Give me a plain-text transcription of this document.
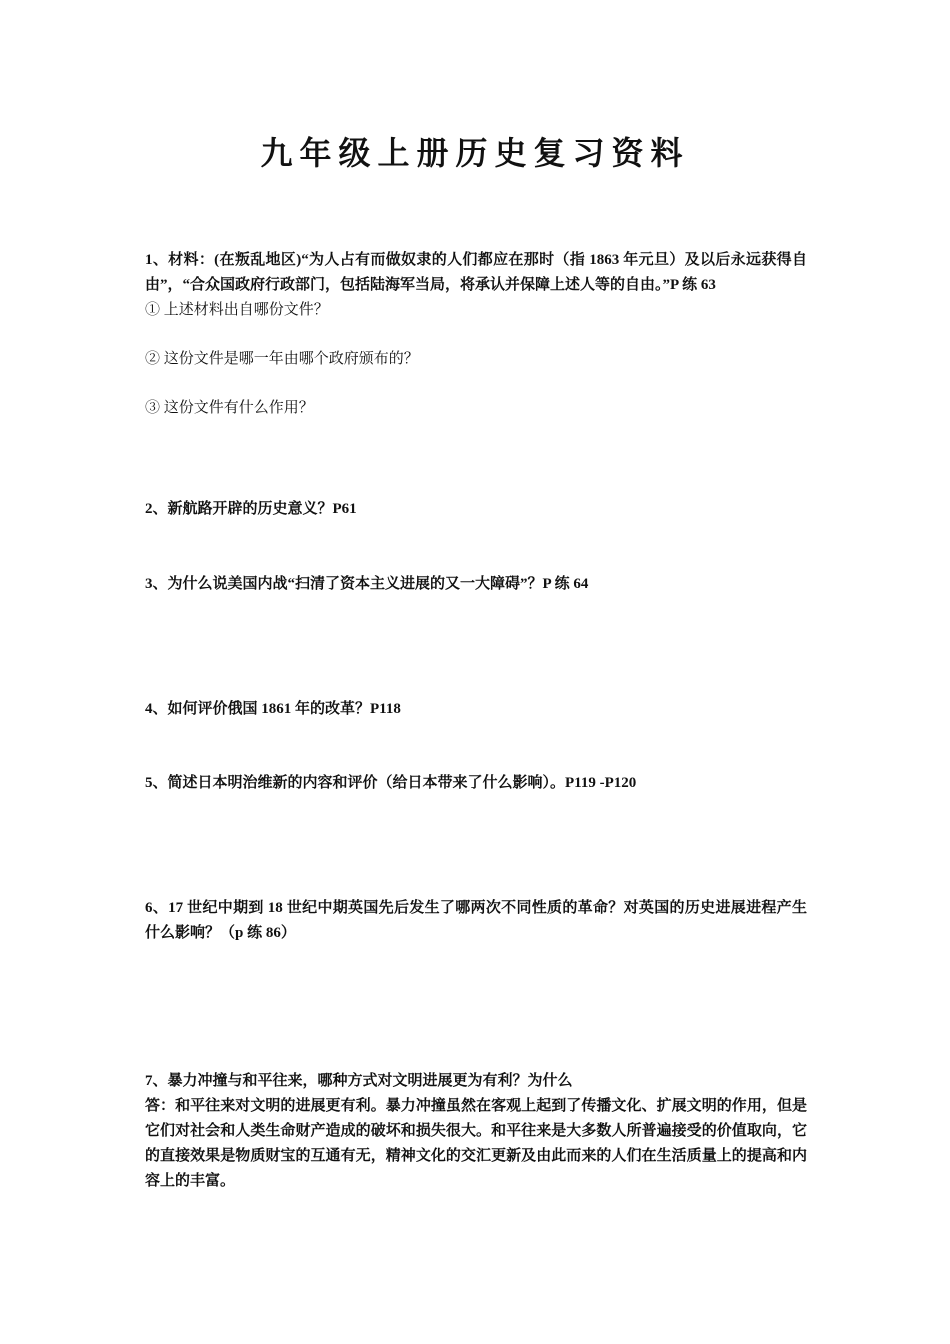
九年级上册历史复习资料

1、材料：(在叛乱地区)“为人占有而做奴隶的人们都应在那时（指 1863 年元旦）及以后永远获得自由”，“合众国政府行政部门，包括陆海军当局，将承认并保障上述人等的自由。”P 练 63

① 上述材料出自哪份文件？

② 这份文件是哪一年由哪个政府颁布的？

③ 这份文件有什么作用？

2、新航路开辟的历史意义？P61

3、为什么说美国内战“扫清了资本主义进展的又一大障碍”？P 练 64

4、如何评价俄国 1861 年的改革？P118

5、简述日本明治维新的内容和评价（给日本带来了什么影响）。P119 -P120

6、17 世纪中期到 18 世纪中期英国先后发生了哪两次不同性质的革命？对英国的历史进展进程产生什么影响？（p 练 86）

7、暴力冲撞与和平往来，哪种方式对文明进展更为有利？为什么

答：和平往来对文明的进展更有利。暴力冲撞虽然在客观上起到了传播文化、扩展文明的作用，但是它们对社会和人类生命财产造成的破坏和损失很大。和平往来是大多数人所普遍接受的价值取向，它的直接效果是物质财宝的互通有无，精神文化的交汇更新及由此而来的人们在生活质量上的提高和内容上的丰富。
